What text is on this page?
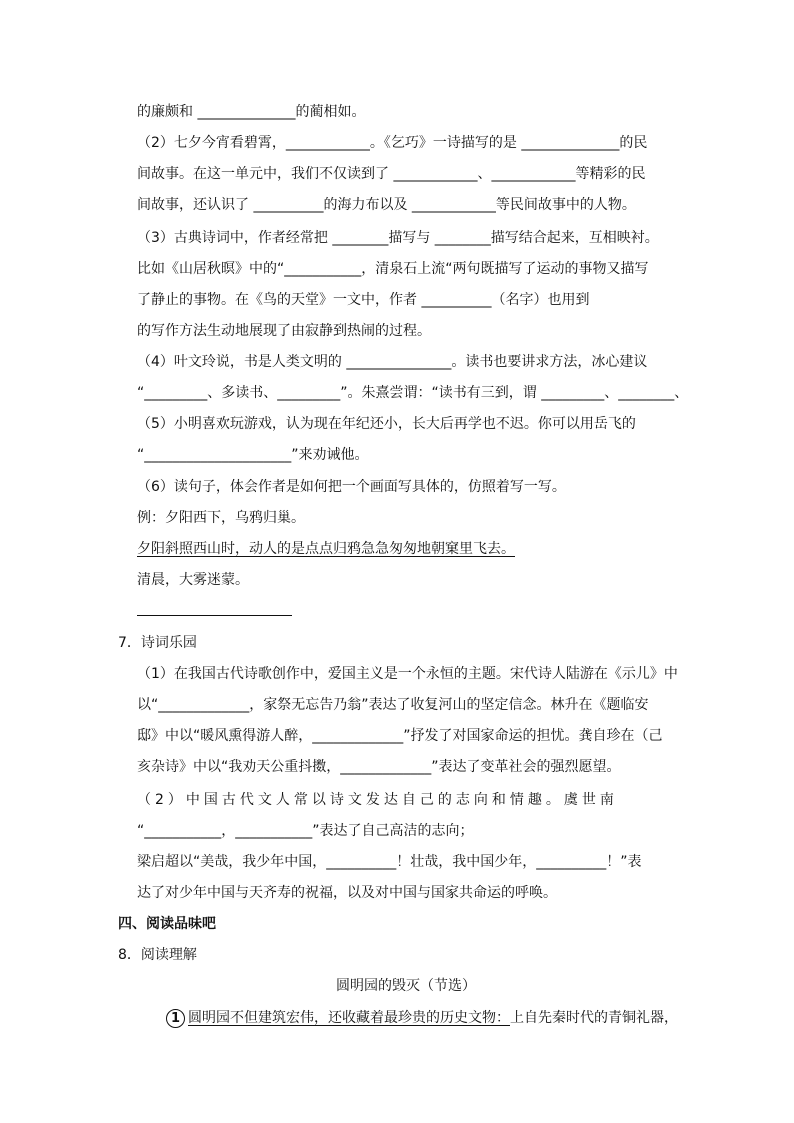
的廉颇和 ______________的蔺相如。
（2）七夕今宵看碧霄，____________。《乞巧》一诗描写的是 ______________的民
间故事。在这一单元中，我们不仅读到了 ____________、____________等精彩的民
间故事，还认识了 __________的海力布以及 ____________等民间故事中的人物。
（3）古典诗词中，作者经常把 ________描写与 ________描写结合起来，互相映衬。
比如《山居秋暝》中的“___________，清泉石上流“两句既描写了运动的事物又描写
了静止的事物。在《鸟的天堂》一文中，作者 __________（名字）也用到
的写作方法生动地展现了由寂静到热闹的过程。
（4）叶文玲说，书是人类文明的 _______________。读书也要讲求方法，冰心建议
“_________、多读书、_________”。朱熹尝谓：“读书有三到，谓 _________、________、
（5）小明喜欢玩游戏，认为现在年纪还小，长大后再学也不迟。你可以用岳飞的
“_____________________”来劝诫他。
（6）读句子，体会作者是如何把一个画面写具体的，仿照着写一写。
例：夕阳西下，乌鸦归巢。
夕阳斜照西山时，动人的是点点归鸦急急匆匆地朝窠里飞去。
清晨，大雾迷蒙。
7．诗词乐园
（1）在我国古代诗歌创作中，爱国主义是一个永恒的主题。宋代诗人陆游在《示儿》中
以“_____________，家祭无忘告乃翁”表达了收复河山的坚定信念。林升在《题临安
邸》中以“暖风熏得游人醉，_____________”抒发了对国家命运的担忧。龚自珍在（己
亥杂诗》中以“我劝天公重抖擞，_____________”表达了变革社会的强烈愿望。
（2）中国古代文人常以诗文发达自己的志向和情趣。虞世南
“___________，___________”表达了自己高洁的志向；
梁启超以“美哉，我少年中国，__________！壮哉，我中国少年，__________！”表
达了对少年中国与天齐寿的祝福，以及对中国与国家共命运的呼唤。
四、阅读品味吧
8．阅读理解
圆明园的毁灭（节选）
1 圆明园不但建筑宏伟，还收藏着最珍贵的历史文物：上自先秦时代的青铜礼器，
